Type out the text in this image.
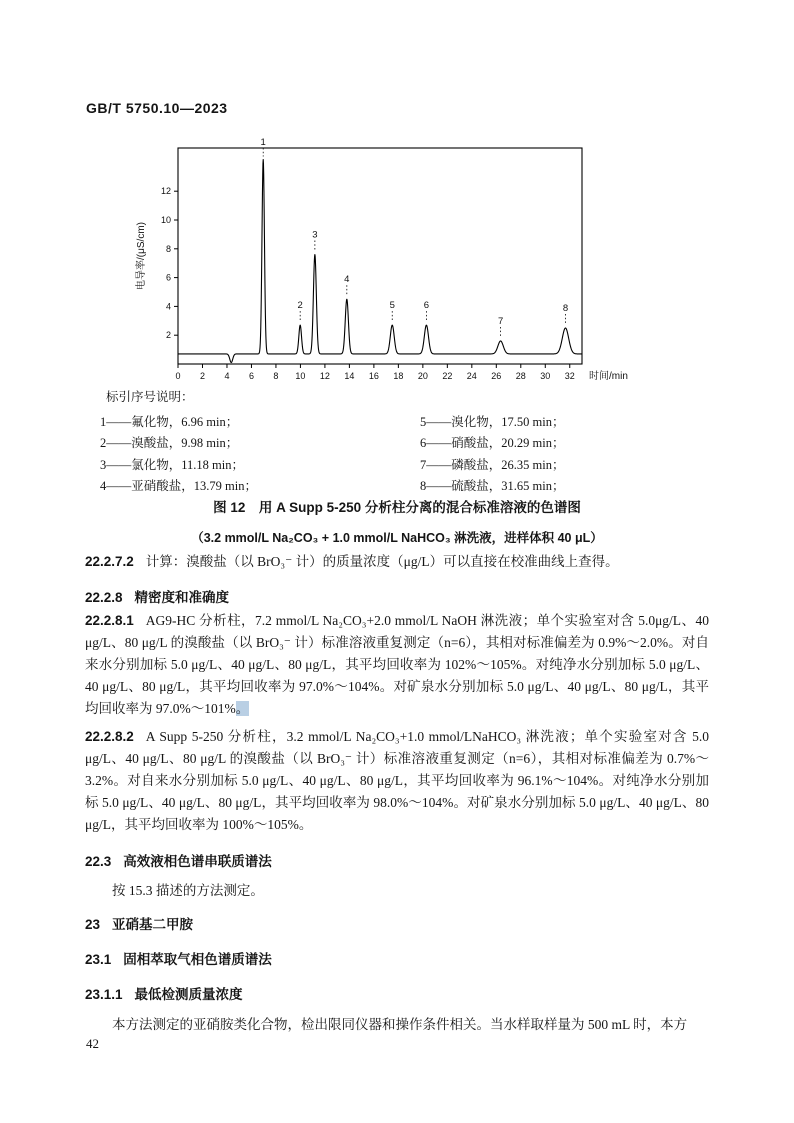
GB/T 5750.10—2023
0 2 4 6 8 10 12 14 16 18 20 22 24 26 28 30 32
2
4
6
8
10
12
时间/min
电导率/(μS/cm)
1
2
3
4
5	6
7
8
标引序号说明：
1——氟化物，6.96 min；
2——溴酸盐，9.98 min；
3——氯化物，11.18 min；
4——亚硝酸盐，13.79 min；
5——溴化物，17.50 min；
6——硝酸盐，20.29 min；
7——磷酸盐，26.35 min；
8——硫酸盐，31.65 min；
图 12　用 A Supp 5-250 分析柱分离的混合标准溶液的色谱图
（3.2 mmol/L Na₂CO₃ + 1.0 mmol/L NaHCO₃ 淋洗液，进样体积 40 μL）
22.2.7.2 计算：溴酸盐（以 BrO₃⁻ 计）的质量浓度（μg/L）可以直接在校准曲线上查得。
22.2.8 精密度和准确度
22.2.8.1 AG9-HC 分析柱，7.2 mmol/L Na₂CO₃+2.0 mmol/L NaOH 淋洗液；单个实验室对含 5.0μg/L、40 μg/L、80 μg/L 的溴酸盐（以 BrO₃⁻ 计）标准溶液重复测定（n=6），其相对标准偏差为 0.9%～2.0%。对自来水分别加标 5.0 μg/L、40 μg/L、80 μg/L，其平均回收率为 102%～105%。对纯净水分别加标 5.0 μg/L、40 μg/L、80 μg/L，其平均回收率为 97.0%～104%。对矿泉水分别加标 5.0 μg/L、40 μg/L、80 μg/L，其平均回收率为 97.0%～101%。
22.2.8.2 A Supp 5-250 分析柱，3.2 mmol/L Na₂CO₃+1.0 mmol/LNaHCO₃ 淋洗液；单个实验室对含 5.0 μg/L、40 μg/L、80 μg/L 的溴酸盐（以 BrO₃⁻ 计）标准溶液重复测定（n=6），其相对标准偏差为 0.7%～3.2%。对自来水分别加标 5.0 μg/L、40 μg/L、80 μg/L，其平均回收率为 96.1%～104%。对纯净水分别加标 5.0 μg/L、40 μg/L、80 μg/L，其平均回收率为 98.0%～104%。对矿泉水分别加标 5.0 μg/L、40 μg/L、80 μg/L，其平均回收率为 100%～105%。
22.3 高效液相色谱串联质谱法
按 15.3 描述的方法测定。
23 亚硝基二甲胺
23.1 固相萃取气相色谱质谱法
23.1.1 最低检测质量浓度
本方法测定的亚硝胺类化合物，检出限同仪器和操作条件相关。当水样取样量为 500 mL 时，本方
42
